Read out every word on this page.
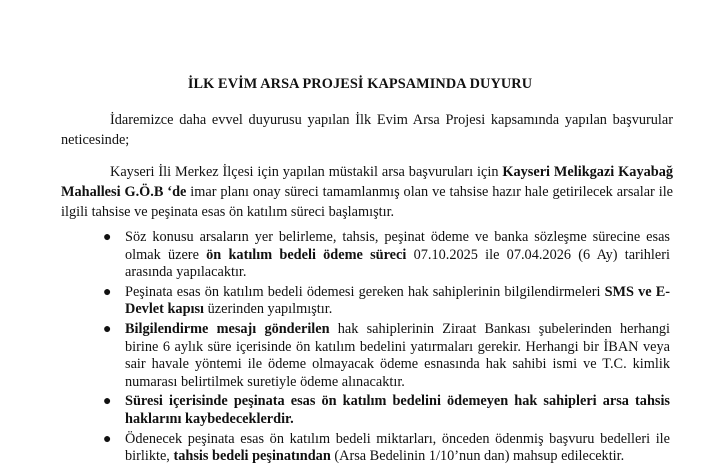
İLK EVİM ARSA PROJESİ KAPSAMINDA DUYURU
İdaremizce daha evvel duyurusu yapılan İlk Evim Arsa Projesi kapsamında yapılan başvurular neticesinde;
Kayseri İli Merkez İlçesi için yapılan müstakil arsa başvuruları için Kayseri Melikgazi Kayabağ Mahallesi G.Ö.B ‘de imar planı onay süreci tamamlanmış olan ve tahsise hazır hale getirilecek arsalar ile ilgili tahsise ve peşinata esas ön katılım süreci başlamıştır.
● Söz konusu arsaların yer belirleme, tahsis, peşinat ödeme ve banka sözleşme sürecine esas olmak üzere ön katılım bedeli ödeme süreci 07.10.2025 ile 07.04.2026 (6 Ay) tarihleri arasında yapılacaktır.
● Peşinata esas ön katılım bedeli ödemesi gereken hak sahiplerinin bilgilendirmeleri SMS ve E-Devlet kapısı üzerinden yapılmıştır.
● Bilgilendirme mesajı gönderilen hak sahiplerinin Ziraat Bankası şubelerinden herhangi birine 6 aylık süre içerisinde ön katılım bedelini yatırmaları gerekir. Herhangi bir İBAN veya sair havale yöntemi ile ödeme olmayacak ödeme esnasında hak sahibi ismi ve T.C. kimlik numarası belirtilmek suretiyle ödeme alınacaktır.
● Süresi içerisinde peşinata esas ön katılım bedelini ödemeyen hak sahipleri arsa tahsis haklarını kaybedeceklerdir.
● Ödenecek peşinata esas ön katılım bedeli miktarları, önceden ödenmiş başvuru bedelleri ile birlikte, tahsis bedeli peşinatından (Arsa Bedelinin 1/10’nun dan) mahsup edilecektir.
